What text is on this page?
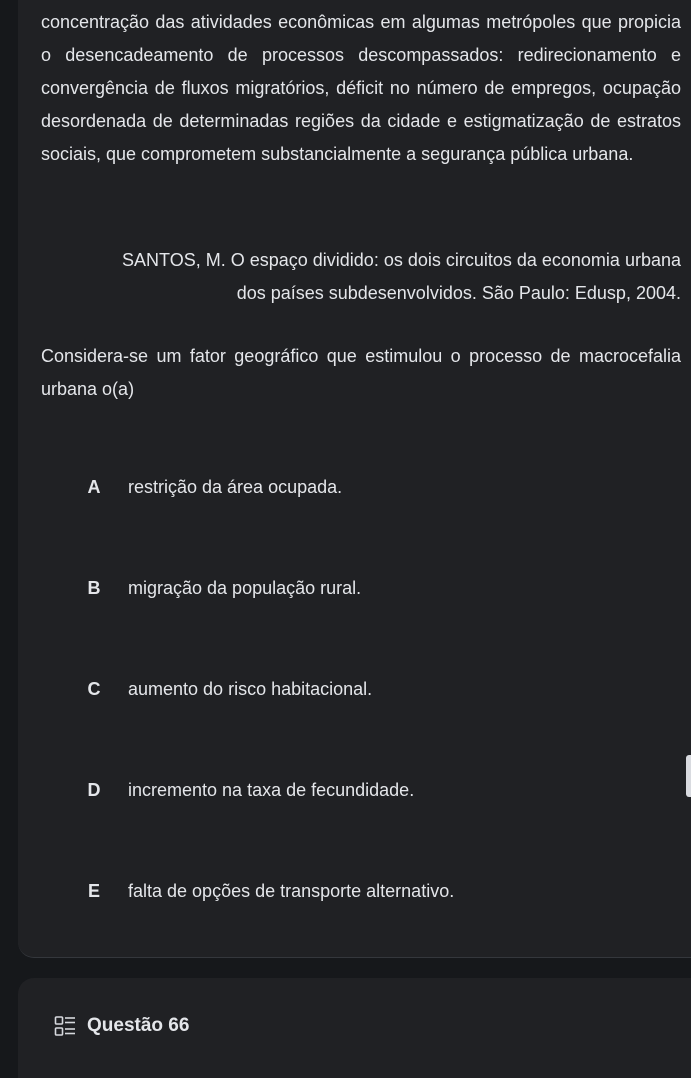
concentração das atividades econômicas em algumas metrópoles que propicia o desencadeamento de processos descompassados: redirecionamento e convergência de fluxos migratórios, déficit no número de empregos, ocupação desordenada de determinadas regiões da cidade e estigmatização de estratos sociais, que comprometem substancialmente a segurança pública urbana.
SANTOS, M. O espaço dividido: os dois circuitos da economia urbana
dos países subdesenvolvidos. São Paulo: Edusp, 2004.
Considera-se um fator geográfico que estimulou o processo de macrocefalia urbana o(a)
A	restrição da área ocupada.
B	migração da população rural.
C	aumento do risco habitacional.
D	incremento na taxa de fecundidade.
E	falta de opções de transporte alternativo.
Questão 66
